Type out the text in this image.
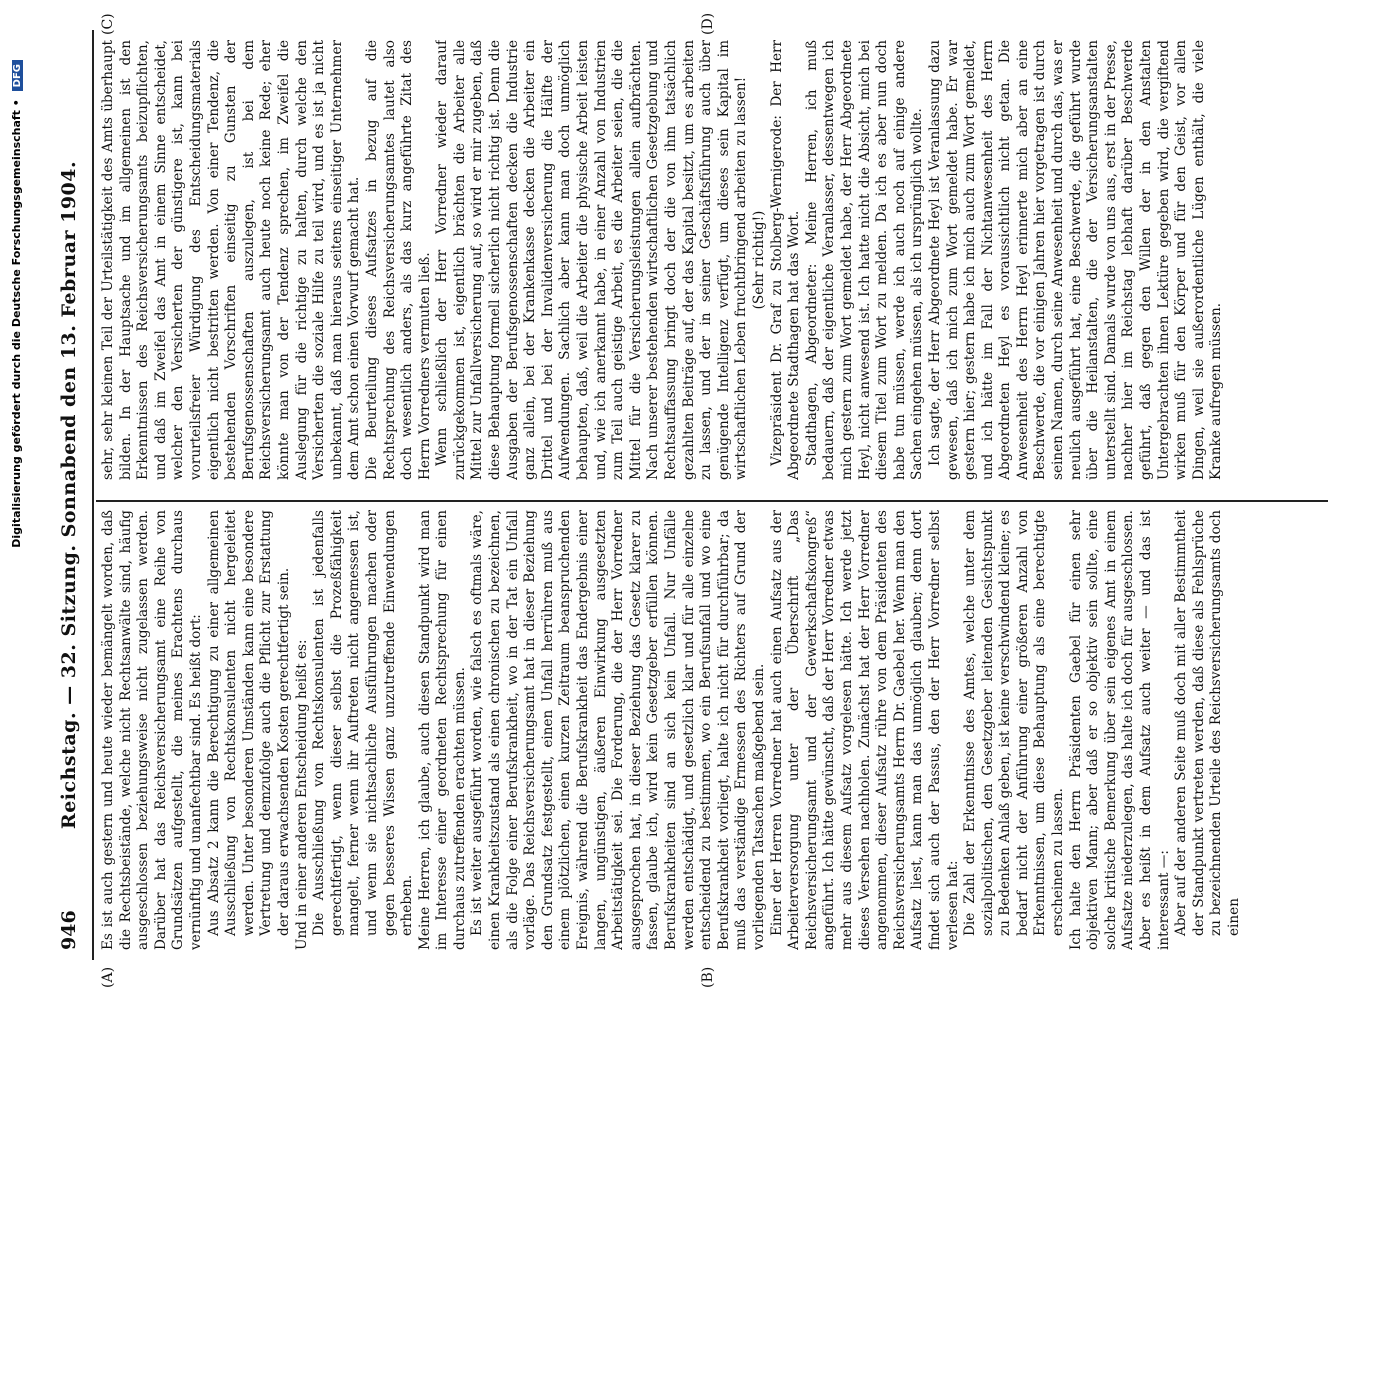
946
Reichstag. — 32. Sitzung. Sonnabend den 13. Februar 1904.
(A)	(B)
(C)	(D)

Es ist auch gestern und heute wieder bemängelt worden, daß die Rechtsbeistände, welche nicht Rechtsanwälte sind, häufig ausgeschlossen beziehungsweise nicht zugelassen werden. Darüber hat das Reichsversicherungsamt eine Reihe von Grundsätzen aufgestellt, die meines Erachtens durchaus vernünftig und unanfechtbar sind. Es heißt dort: Aus Absatz 2 kann die Berechtigung zu einer allgemeinen Ausschließung von Rechtskonsulenten nicht hergeleitet werden. Unter besonderen Umständen kann eine besondere Vertretung und demzufolge auch die Pflicht zur Erstattung der daraus erwachsenden Kosten gerechtfertigt sein. Und in einer anderen Entscheidung heißt es: Die Ausschließung von Rechtskonsulenten ist jedenfalls gerechtfertigt, wenn dieser selbst die Prozeßfähigkeit mangelt, ferner wenn ihr Auftreten nicht angemessen ist, und wenn sie nichtsachliche Ausführungen machen oder gegen besseres Wissen ganz unzutreffende Einwendungen erheben. Meine Herren, ich glaube, auch diesen Standpunkt wird man im Interesse einer geordneten Rechtsprechung für einen durchaus zutreffenden erachten müssen. Es ist weiter ausgeführt worden, wie falsch es oftmals wäre, einen Krankheitszustand als einen chronischen zu bezeichnen, als die Folge einer Berufskrankheit, wo in der Tat ein Unfall vorläge. Das Reichsversicherungsamt hat in dieser Beziehung den Grundsatz festgestellt, einen Unfall herrühren muß aus einem plötzlichen, einen kurzen Zeitraum beanspruchenden Ereignis, während die Berufskrankheit das Endergebnis einer langen, ungünstigen, äußeren Einwirkung ausgesetzten Arbeitstätigkeit sei. Die Forderung, die der Herr Vorredner ausgesprochen hat, in dieser Beziehung das Gesetz klarer zu fassen, glaube ich, wird kein Gesetzgeber erfüllen können. Berufskrankheiten sind an sich kein Unfall. Nur Unfälle werden entschädigt, und gesetzlich klar und für alle einzelne entscheidend zu bestimmen, wo ein Berufsunfall und wo eine Berufskrankheit vorliegt, halte ich nicht für durchführbar; da muß das verständige Ermessen des Richters auf Grund der vorliegenden Tatsachen maßgebend sein. Einer der Herren Vorredner hat auch einen Aufsatz aus der Arbeiterversorgung unter der Überschrift „Das Reichsversicherungsamt und der Gewerkschaftskongreß“ angeführt. Ich hätte gewünscht, daß der Herr Vorredner etwas mehr aus diesem Aufsatz vorgelesen hätte. Ich werde jetzt dieses Versehen nachholen. Zunächst hat der Herr Vorredner angenommen, dieser Aufsatz rühre von dem Präsidenten des Reichsversicherungsamts Herrn Dr. Gaebel her. Wenn man den Aufsatz liest, kann man das unmöglich glauben; denn dort findet sich auch der Passus, den der Herr Vorredner selbst verlesen hat: Die Zahl der Erkenntnisse des Amtes, welche unter dem sozialpolitischen, den Gesetzgeber leitenden Gesichtspunkt zu Bedenken Anlaß geben, ist keine verschwindend kleine; es bedarf nicht der Anführung einer größeren Anzahl von Erkenntnissen, um diese Behauptung als eine berechtigte erscheinen zu lassen. Ich halte den Herrn Präsidenten Gaebel für einen sehr objektiven Mann; aber daß er so objektiv sein sollte, eine solche kritische Bemerkung über sein eigenes Amt in einem Aufsatze niederzulegen, das halte ich doch für ausgeschlossen. Aber es heißt in dem Aufsatz auch weiter — und das ist interessant —: Aber auf der anderen Seite muß doch mit aller Bestimmtheit der Standpunkt vertreten werden, daß diese als Fehlsprüche zu bezeichnenden Urteile des Reichsversicherungsamts doch einen

sehr, sehr kleinen Teil der Urteilstätigkeit des Amts überhaupt bilden. In der Hauptsache und im allgemeinen ist den Erkenntnissen des Reichsversicherungsamts beizupflichten, und daß im Zweifel das Amt in einem Sinne entscheidet, welcher den Versicherten der günstigere ist, kann bei vorurteilsfreier Würdigung des Entscheidungsmaterials eigentlich nicht bestritten werden. Von einer Tendenz, die bestehenden Vorschriften einseitig zu Gunsten der Berufsgenossenschaften auszulegen, ist bei dem Reichsversicherungsamt auch heute noch keine Rede; eher könnte man von der Tendenz sprechen, im Zweifel die Auslegung für die richtige zu halten, durch welche den Versicherten die soziale Hilfe zu teil wird, und es ist ja nicht unbekannt, daß man hieraus seitens einseitiger Unternehmer dem Amt schon einen Vorwurf gemacht hat. Die Beurteilung dieses Aufsatzes in bezug auf die Rechtsprechung des Reichsversicherungsamtes lautet also doch wesentlich anders, als das kurz angeführte Zitat des Herrn Vorredners vermuten ließ. Wenn schließlich der Herr Vorredner wieder darauf zurückgekommen ist, eigentlich brächten die Arbeiter alle Mittel zur Unfallversicherung auf, so wird er mir zugeben, daß diese Behauptung formell sicherlich nicht richtig ist. Denn die Ausgaben der Berufsgenossenschaften decken die Industrie ganz allein, bei der Krankenkasse decken die Arbeiter ein Drittel und bei der Invalidenversicherung die Hälfte der Aufwendungen. Sachlich aber kann man doch unmöglich behaupten, daß, weil die Arbeiter die physische Arbeit leisten und, wie ich anerkannt habe, in einer Anzahl von Industrien zum Teil auch geistige Arbeit, es die Arbeiter seien, die die Mittel für die Versicherungsleistungen allein aufbrächten. Nach unserer bestehenden wirtschaftlichen Gesetzgebung und Rechtsauffassung bringt doch der die von ihm tatsächlich gezahlten Beiträge auf, der das Kapital besitzt, um es arbeiten zu lassen, und der in seiner Geschäftsführung auch über genügende Intelligenz verfügt, um dieses sein Kapital im wirtschaftlichen Leben fruchtbringend arbeiten zu lassen! (Sehr richtig!) Vizepräsident Dr. Graf zu Stolberg-Wernigerode: Der Herr Abgeordnete Stadthagen hat das Wort. Stadthagen, Abgeordneter: Meine Herren, ich muß bedauern, daß der eigentliche Veranlasser, dessentwegen ich mich gestern zum Wort gemeldet habe, der Herr Abgeordnete Heyl, nicht anwesend ist. Ich hatte nicht die Absicht, mich bei diesem Titel zum Wort zu melden. Da ich es aber nun doch habe tun müssen, werde ich auch noch auf einige andere Sachen eingehen müssen, als ich ursprünglich wollte. Ich sagte, der Herr Abgeordnete Heyl ist Veranlassung dazu gewesen, daß ich mich zum Wort gemeldet habe. Er war gestern hier; gestern habe ich mich auch zum Wort gemeldet, und ich hätte im Fall der Nichtanwesenheit des Herrn Abgeordneten Heyl es voraussichtlich nicht getan. Die Anwesenheit des Herrn Heyl erinnerte mich aber an eine Beschwerde, die vor einigen Jahren hier vorgetragen ist durch seinen Namen, durch seine Anwesenheit und durch das, was er neulich ausgeführt hat, eine Beschwerde, die geführt wurde über die Heilanstalten, die der Versicherungsanstalten unterstellt sind. Damals wurde von uns aus, erst in der Presse, nachher hier im Reichstag lebhaft darüber Beschwerde geführt, daß gegen den Willen der in den Anstalten Untergebrachten ihnen Lektüre gegeben wird, die vergiftend wirken muß für den Körper und für den Geist, vor allen Dingen, weil sie außerordentliche Lügen enthält, die viele Kranke aufregen müssen.

Digitalisierung gefördert durch die Deutsche Forschungsgemeinschaft • DFG
